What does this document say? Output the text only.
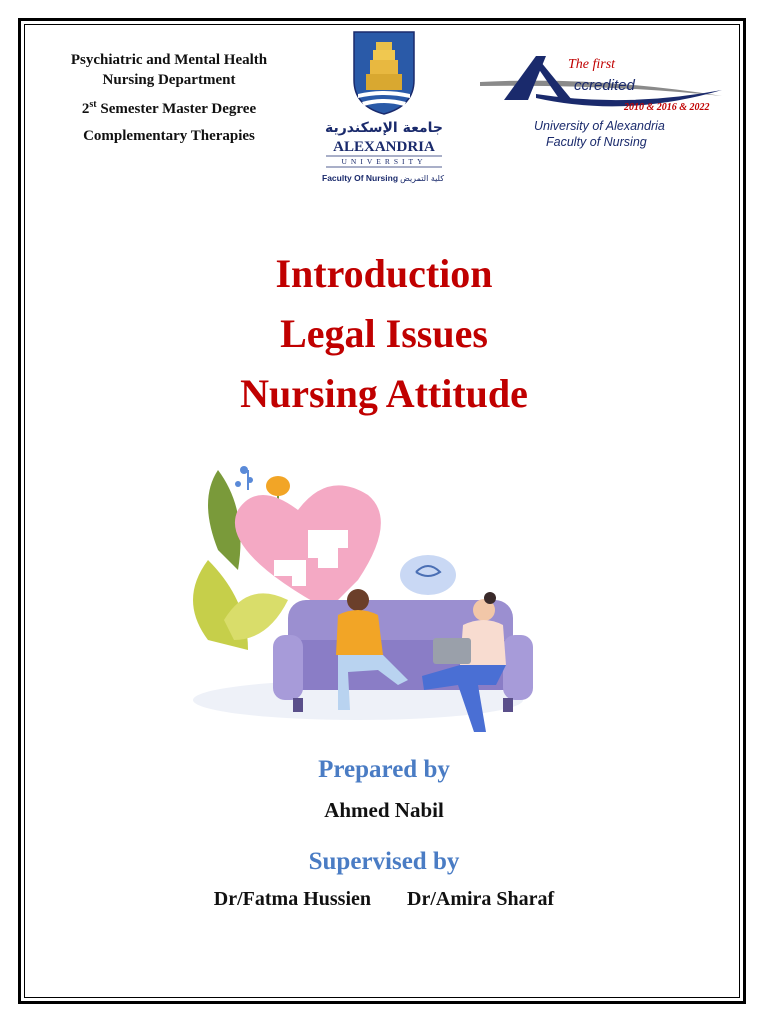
Psychiatric and Mental Health
Nursing Department

2st Semester Master Degree

Complementary Therapies	جامعة الإسكندرية
ALEXANDRIA
UNIVERSITY
Faculty Of Nursing كلية التمريض
The first
ccredited
2010 & 2016 & 2022
University of Alexandria
Faculty of Nursing
Introduction
Legal Issues
Nursing Attitude
Prepared by
Ahmed Nabil
Supervised by
Dr/Fatma Hussien Dr/Amira Sharaf
